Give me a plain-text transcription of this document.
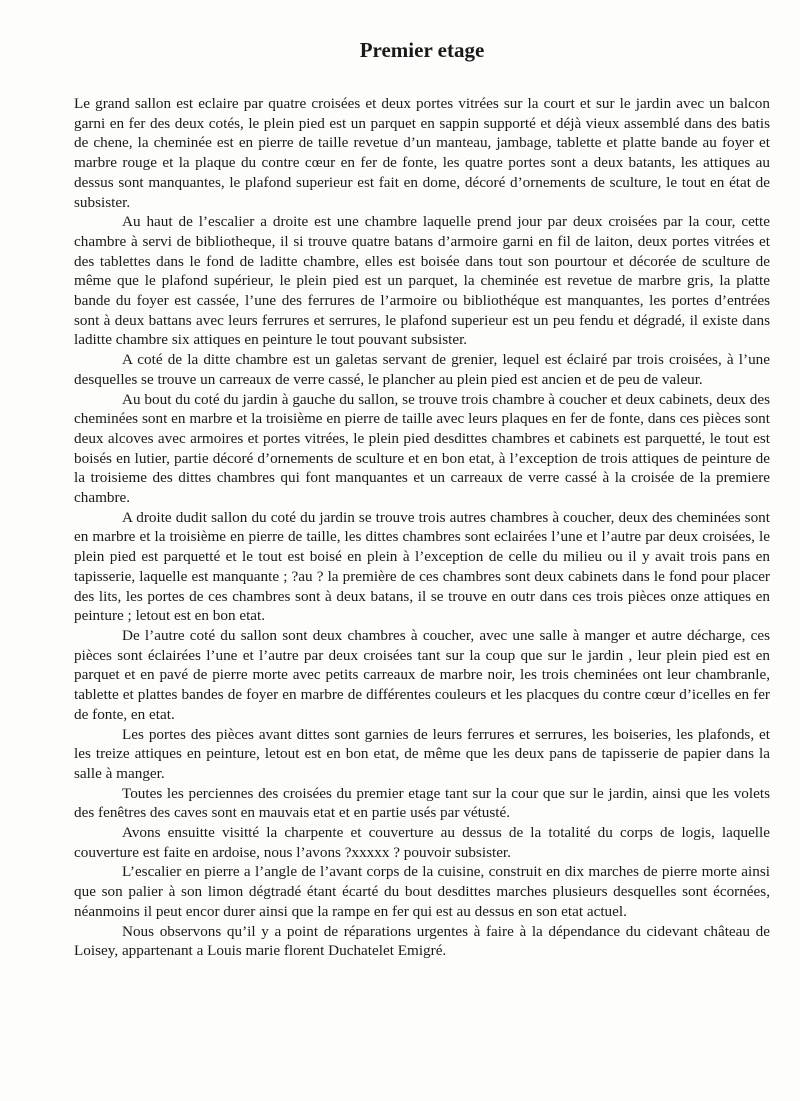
Premier etage

Le grand sallon est eclaire par quatre croisées et deux portes vitrées sur la court et sur le jardin avec un balcon garni en fer des deux cotés, le plein pied est un parquet en sappin supporté et déjà vieux assemblé dans des batis de chene, la cheminée est en pierre de taille revetue d’un manteau, jambage, tablette et platte bande au foyer et marbre rouge et la plaque du contre cœur en fer de fonte, les quatre portes sont a deux batants, les attiques au dessus sont manquantes, le plafond superieur est fait en dome, décoré d’ornements de sculture, le tout en état de subsister.

Au haut de l’escalier a droite est une chambre laquelle prend jour par deux croisées par la cour, cette chambre à servi de bibliotheque, il si trouve quatre batans d’armoire garni en fil de laiton, deux portes vitrées et des tablettes dans le fond de laditte chambre, elles est boisée dans tout son pourtour et décorée de sculture de même que le plafond supérieur, le plein pied est un parquet, la cheminée est revetue de marbre gris, la platte bande du foyer est cassée, l’une des ferrures de l’armoire ou bibliothéque est manquantes, les portes d’entrées sont à deux battans avec leurs ferrures et serrures, le plafond superieur est un peu fendu et dégradé, il existe dans laditte chambre six attiques en peinture le tout pouvant subsister.

A coté de la ditte chambre est un galetas servant de grenier, lequel est éclairé par trois croisées, à l’une desquelles se trouve un carreaux de verre cassé, le plancher au plein pied est ancien et de peu de valeur.

Au bout du coté du jardin à gauche du sallon, se trouve trois chambre à coucher et deux cabinets, deux des cheminées sont en marbre et la troisième en pierre de taille avec leurs plaques en fer de fonte, dans ces pièces sont deux alcoves avec armoires et portes vitrées, le plein pied desdittes chambres et cabinets est parquetté, le tout est boisés en lutier, partie décoré d’ornements de sculture et en bon etat, à l’exception de trois attiques de peinture de la troisieme des dittes chambres qui font manquantes et un carreaux de verre cassé à la croisée de la premiere chambre.

A droite dudit sallon du coté du jardin se trouve trois autres chambres à coucher, deux des cheminées sont en marbre et la troisième en pierre de taille, les dittes chambres sont eclairées l’une et l’autre par deux croisées, le plein pied est parquetté et le tout est boisé en plein à l’exception de celle du milieu ou il y avait trois pans en tapisserie, laquelle est manquante ; ?au ? la première de ces chambres sont deux cabinets dans le fond pour placer des lits, les portes de ces chambres sont à deux batans, il se trouve en outr dans ces trois pièces onze attiques en peinture ; letout est en bon etat.

De l’autre coté du sallon sont deux chambres à coucher, avec une salle à manger et autre décharge, ces pièces sont éclairées l’une et l’autre par deux croisées tant sur la coup que sur le jardin , leur plein pied est en parquet et en pavé de pierre morte avec petits carreaux de marbre noir, les trois cheminées ont leur chambranle, tablette et plattes bandes de foyer en marbre de différentes couleurs et les placques du contre cœur d’icelles en fer de fonte, en etat.

Les portes des pièces avant dittes sont garnies de leurs ferrures et serrures, les boiseries, les plafonds, et les treize attiques en peinture, letout est en bon etat, de même que les deux pans de tapisserie de papier dans la salle à manger.

Toutes les perciennes des croisées du premier etage tant sur la cour que sur le jardin, ainsi que les volets des fenêtres des caves sont en mauvais etat et en partie usés par vétusté.

Avons ensuitte visitté la charpente et couverture au dessus de la totalité du corps de logis, laquelle couverture est faite en ardoise, nous l’avons ?xxxxx ? pouvoir subsister.

L’escalier en pierre a l’angle de l’avant corps de la cuisine, construit en dix marches de pierre morte ainsi que son palier à son limon dégtradé étant écarté du bout desdittes marches plusieurs desquelles sont écornées, néanmoins il peut encor durer ainsi que la rampe en fer qui est au dessus en son etat actuel.

Nous observons qu’il y a point de réparations urgentes à faire à la dépendance du cidevant château de Loisey, appartenant a Louis marie florent Duchatelet Emigré.
